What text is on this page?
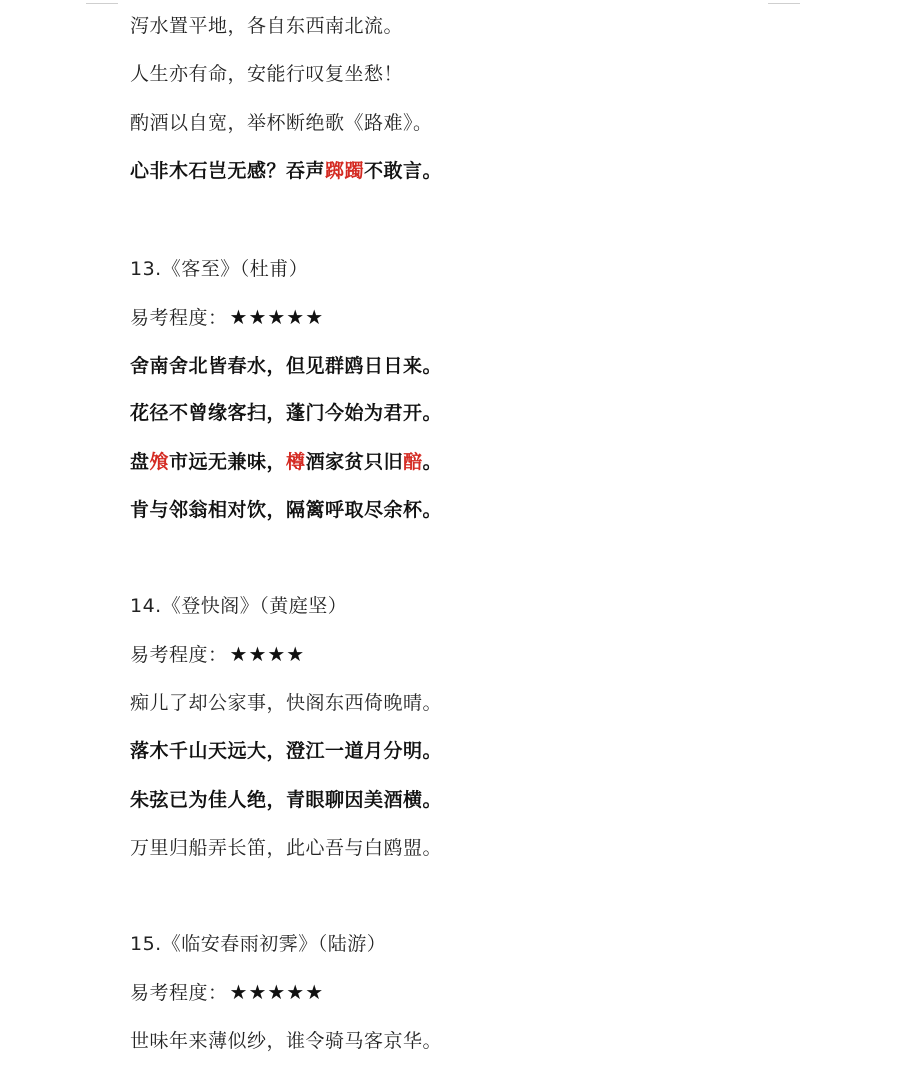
泻水置平地，各自东西南北流。
人生亦有命，安能行叹复坐愁！
酌酒以自宽，举杯断绝歌《路难》。
心非木石岂无感？吞声踯躅不敢言。
13.《客至》（杜甫）
易考程度： ★★★★★
舍南舍北皆春水，但见群鸥日日来。
花径不曾缘客扫，蓬门今始为君开。
盘飧市远无兼味，樽酒家贫只旧醅。
肯与邻翁相对饮，隔篱呼取尽余杯。
14.《登快阁》（黄庭坚）
易考程度： ★★★★
痴儿了却公家事，快阁东西倚晚晴。
落木千山天远大，澄江一道月分明。
朱弦已为佳人绝，青眼聊因美酒横。
万里归船弄长笛，此心吾与白鸥盟。
15.《临安春雨初霁》（陆游）
易考程度： ★★★★★
世味年来薄似纱，谁令骑马客京华。
